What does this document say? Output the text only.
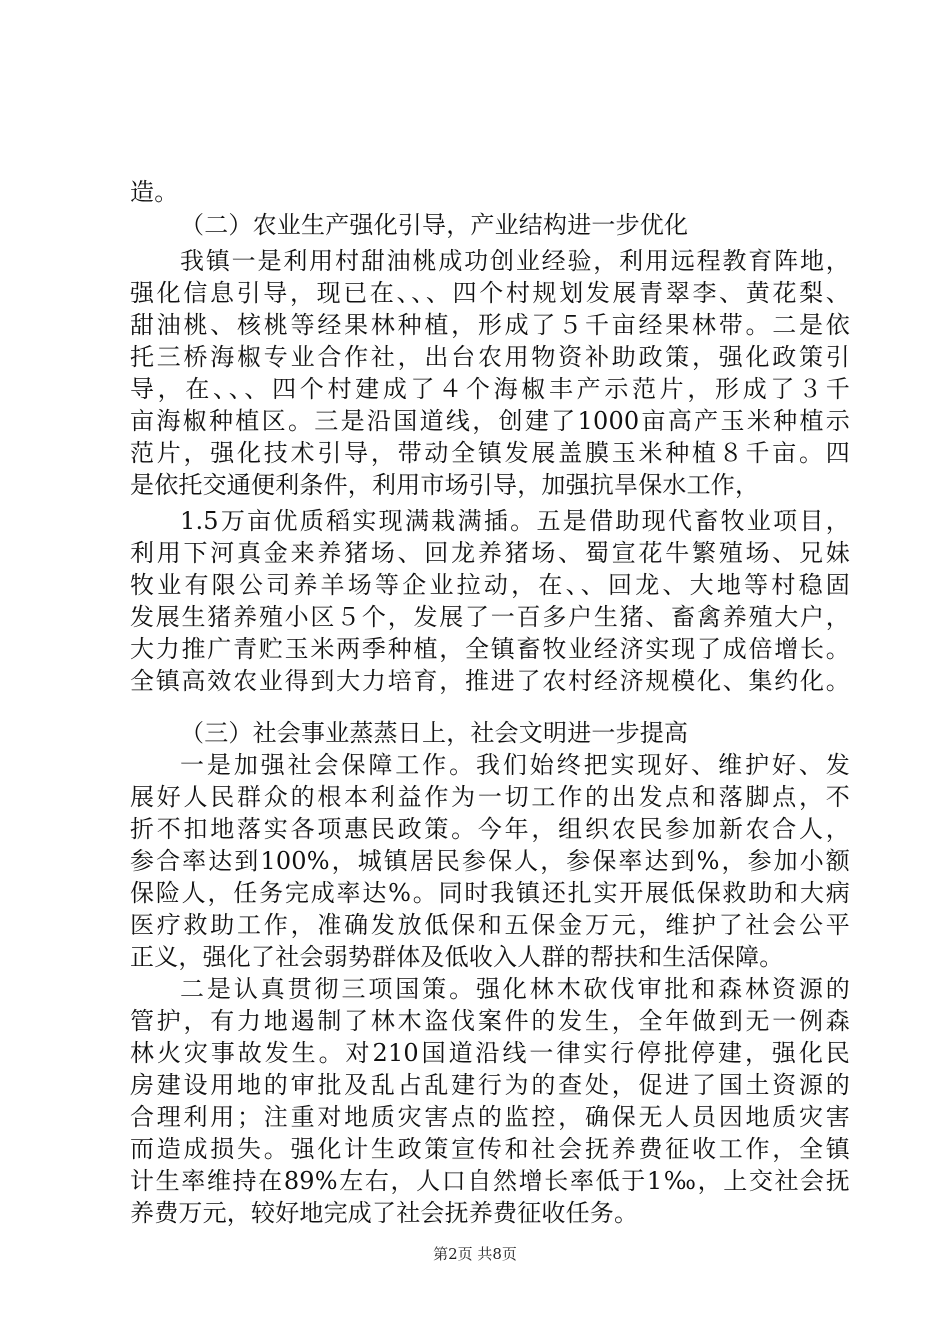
造。
（二）农业生产强化引导，产业结构进一步优化
我镇一是利用村甜油桃成功创业经验，利用远程教育阵地，
强化信息引导，现已在、、、四个村规划发展青翠李、黄花梨、
甜油桃、核桃等经果林种植，形成了５千亩经果林带。二是依
托三桥海椒专业合作社，出台农用物资补助政策，强化政策引
导，在、、、四个村建成了４个海椒丰产示范片，形成了３千
亩海椒种植区。三是沿国道线，创建了1000亩高产玉米种植示
范片，强化技术引导，带动全镇发展盖膜玉米种植８千亩。四
是依托交通便利条件，利用市场引导，加强抗旱保水工作，
1.5万亩优质稻实现满栽满插。五是借助现代畜牧业项目，
利用下河真金来养猪场、回龙养猪场、蜀宣花牛繁殖场、兄妹
牧业有限公司养羊场等企业拉动，在、、回龙、大地等村稳固
发展生猪养殖小区５个，发展了一百多户生猪、畜禽养殖大户，
大力推广青贮玉米两季种植，全镇畜牧业经济实现了成倍增长。
全镇高效农业得到大力培育，推进了农村经济规模化、集约化。
（三）社会事业蒸蒸日上，社会文明进一步提高
一是加强社会保障工作。我们始终把实现好、维护好、发
展好人民群众的根本利益作为一切工作的出发点和落脚点，不
折不扣地落实各项惠民政策。今年，组织农民参加新农合人，
参合率达到100%，城镇居民参保人，参保率达到%，参加小额
保险人，任务完成率达%。同时我镇还扎实开展低保救助和大病
医疗救助工作，准确发放低保和五保金万元，维护了社会公平
正义，强化了社会弱势群体及低收入人群的帮扶和生活保障。
二是认真贯彻三项国策。强化林木砍伐审批和森林资源的
管护，有力地遏制了林木盗伐案件的发生，全年做到无一例森
林火灾事故发生。对210国道沿线一律实行停批停建，强化民
房建设用地的审批及乱占乱建行为的查处，促进了国土资源的
合理利用；注重对地质灾害点的监控，确保无人员因地质灾害
而造成损失。强化计生政策宣传和社会抚养费征收工作，全镇
计生率维持在89%左右，人口自然增长率低于1‰，上交社会抚
养费万元，较好地完成了社会抚养费征收任务。
第2页 共8页
